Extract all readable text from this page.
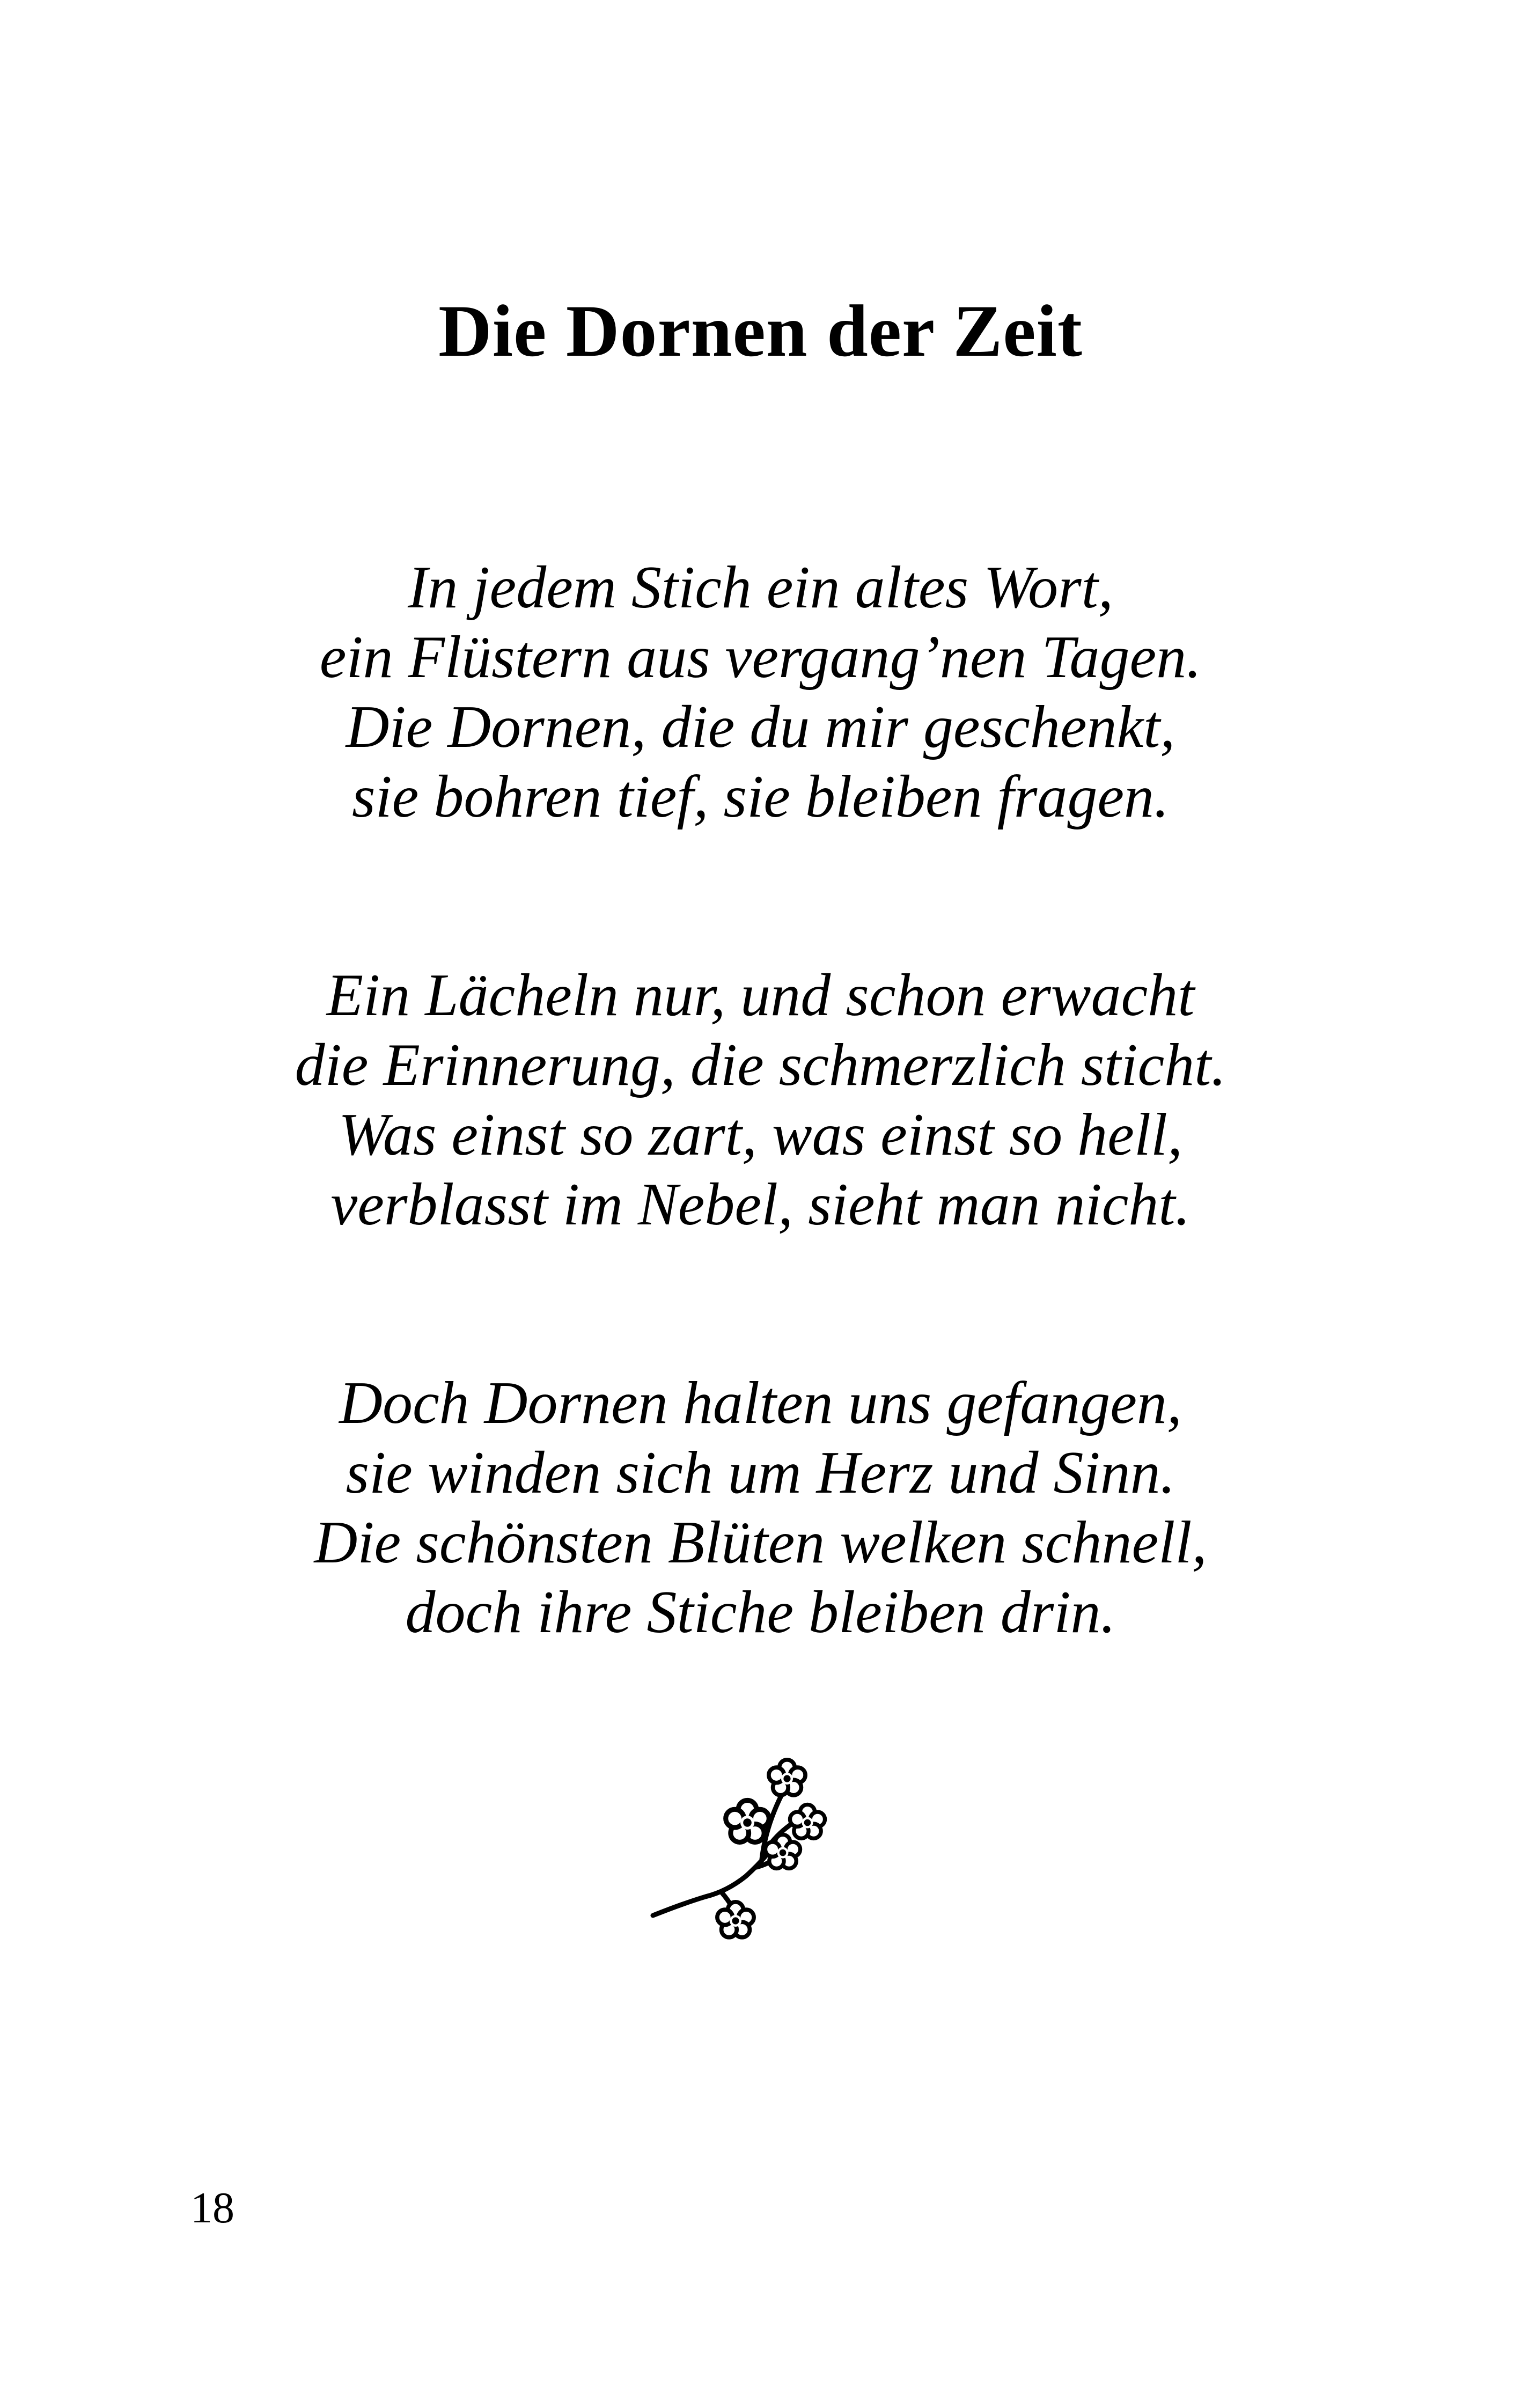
Die Dornen der Zeit

In jedem Stich ein altes Wort,
ein Flüstern aus vergang’nen Tagen.
Die Dornen, die du mir geschenkt,
sie bohren tief, sie bleiben fragen.

Ein Lächeln nur, und schon erwacht
die Erinnerung, die schmerzlich sticht.
Was einst so zart, was einst so hell,
verblasst im Nebel, sieht man nicht.

Doch Dornen halten uns gefangen,
sie winden sich um Herz und Sinn.
Die schönsten Blüten welken schnell,
doch ihre Stiche bleiben drin.

18
